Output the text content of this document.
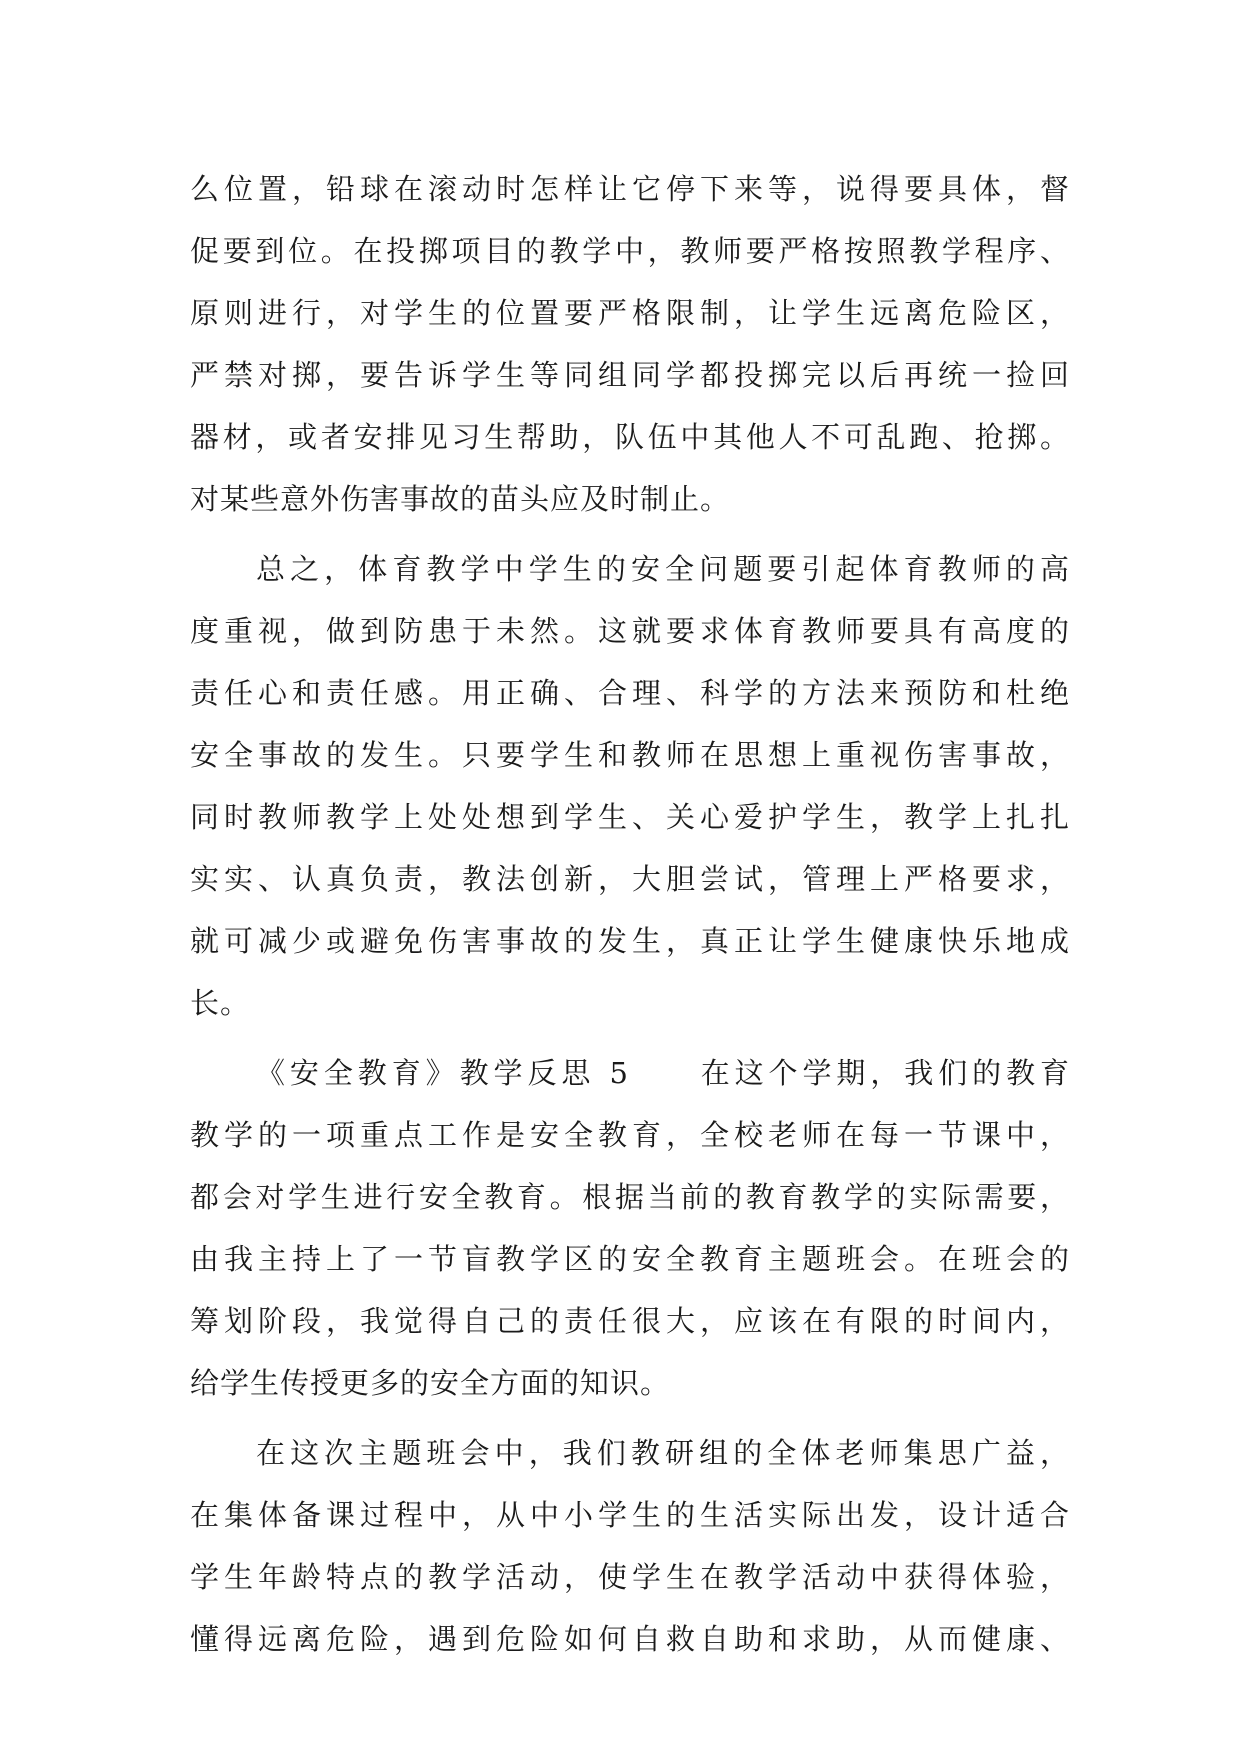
么位置，铅球在滚动时怎样让它停下来等，说得要具体，督
促要到位。在投掷项目的教学中，教师要严格按照教学程序、
原则进行，对学生的位置要严格限制，让学生远离危险区，
严禁对掷，要告诉学生等同组同学都投掷完以后再统一捡回
器材，或者安排见习生帮助，队伍中其他人不可乱跑、抢掷。
对某些意外伤害事故的苗头应及时制止。
总之，体育教学中学生的安全问题要引起体育教师的高
度重视，做到防患于未然。这就要求体育教师要具有高度的
责任心和责任感。用正确、合理、科学的方法来预防和杜绝
安全事故的发生。只要学生和教师在思想上重视伤害事故，
同时教师教学上处处想到学生、关心爱护学生，教学上扎扎
实实、认真负责，教法创新，大胆尝试，管理上严格要求，
就可减少或避免伤害事故的发生，真正让学生健康快乐地成
长。
《安全教育》教学反思 5　　在这个学期，我们的教育
教学的一项重点工作是安全教育，全校老师在每一节课中，
都会对学生进行安全教育。根据当前的教育教学的实际需要，
由我主持上了一节盲教学区的安全教育主题班会。在班会的
筹划阶段，我觉得自己的责任很大，应该在有限的时间内，
给学生传授更多的安全方面的知识。
在这次主题班会中，我们教研组的全体老师集思广益，
在集体备课过程中，从中小学生的生活实际出发，设计适合
学生年龄特点的教学活动，使学生在教学活动中获得体验，
懂得远离危险，遇到危险如何自救自助和求助，从而健康、
